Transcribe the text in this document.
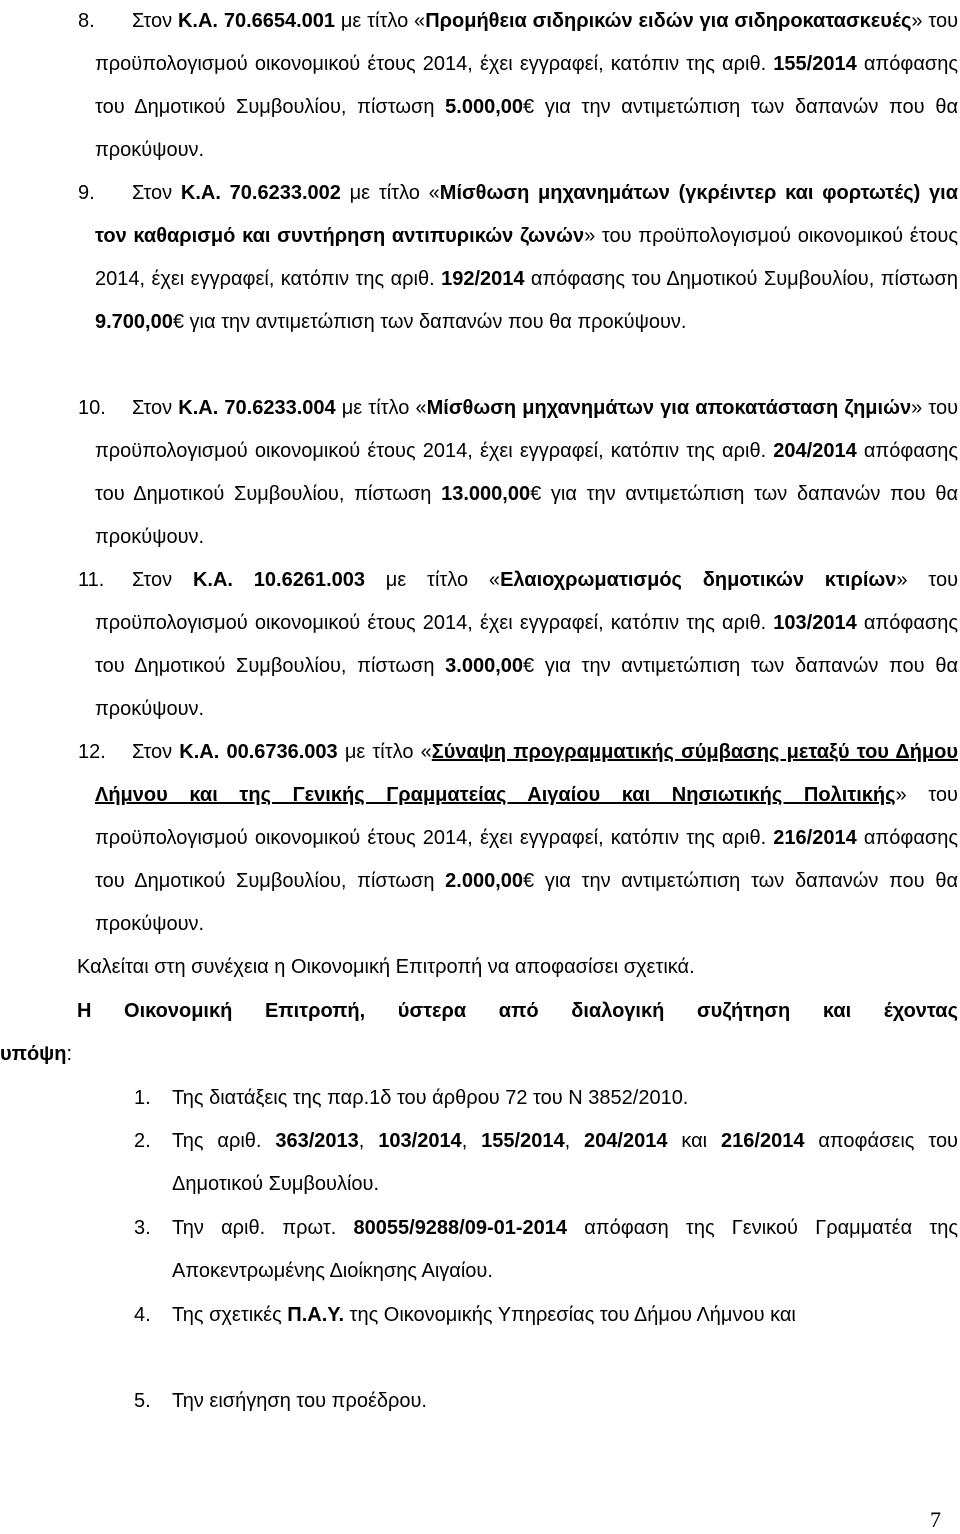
8. Στον Κ.Α. 70.6654.001 με τίτλο «Προμήθεια σιδηρικών ειδών για σιδηροκατασκευές» του προϋπολογισμού οικονομικού έτους 2014, έχει εγγραφεί, κατόπιν της αριθ. 155/2014 απόφασης του Δημοτικού Συμβουλίου, πίστωση 5.000,00€ για την αντιμετώπιση των δαπανών που θα προκύψουν.
9. Στον Κ.Α. 70.6233.002 με τίτλο «Μίσθωση μηχανημάτων (γκρέιντερ και φορτωτές) για τον καθαρισμό και συντήρηση αντιπυρικών ζωνών» του προϋπολογισμού οικονομικού έτους 2014, έχει εγγραφεί, κατόπιν της αριθ. 192/2014 απόφασης του Δημοτικού Συμβουλίου, πίστωση 9.700,00€ για την αντιμετώπιση των δαπανών που θα προκύψουν.
10. Στον Κ.Α. 70.6233.004 με τίτλο «Μίσθωση μηχανημάτων για αποκατάσταση ζημιών» του προϋπολογισμού οικονομικού έτους 2014, έχει εγγραφεί, κατόπιν της αριθ. 204/2014 απόφασης του Δημοτικού Συμβουλίου, πίστωση 13.000,00€ για την αντιμετώπιση των δαπανών που θα προκύψουν.
11. Στον Κ.Α. 10.6261.003 με τίτλο «Ελαιοχρωματισμός δημοτικών κτιρίων» του προϋπολογισμού οικονομικού έτους 2014, έχει εγγραφεί, κατόπιν της αριθ. 103/2014 απόφασης του Δημοτικού Συμβουλίου, πίστωση 3.000,00€ για την αντιμετώπιση των δαπανών που θα προκύψουν.
12. Στον Κ.Α. 00.6736.003 με τίτλο «Σύναψη προγραμματικής σύμβασης μεταξύ του Δήμου Λήμνου και της Γενικής Γραμματείας Αιγαίου και Νησιωτικής Πολιτικής» του προϋπολογισμού οικονομικού έτους 2014, έχει εγγραφεί, κατόπιν της αριθ. 216/2014 απόφασης του Δημοτικού Συμβουλίου, πίστωση 2.000,00€ για την αντιμετώπιση των δαπανών που θα προκύψουν.
Καλείται στη συνέχεια η Οικονομική Επιτροπή να αποφασίσει σχετικά.
Η Οικονομική Επιτροπή, ύστερα από διαλογική συζήτηση και έχοντας
υπόψη:
1. Της διατάξεις της παρ.1δ του άρθρου 72 του Ν 3852/2010.
2. Της αριθ. 363/2013, 103/2014, 155/2014, 204/2014 και 216/2014 αποφάσεις του Δημοτικού Συμβουλίου.
3. Την αριθ. πρωτ. 80055/9288/09-01-2014 απόφαση της Γενικού Γραμματέα της Αποκεντρωμένης Διοίκησης Αιγαίου.
4. Της σχετικές Π.Α.Υ. της Οικονομικής Υπηρεσίας του Δήμου Λήμνου και
5. Την εισήγηση του προέδρου.
7
